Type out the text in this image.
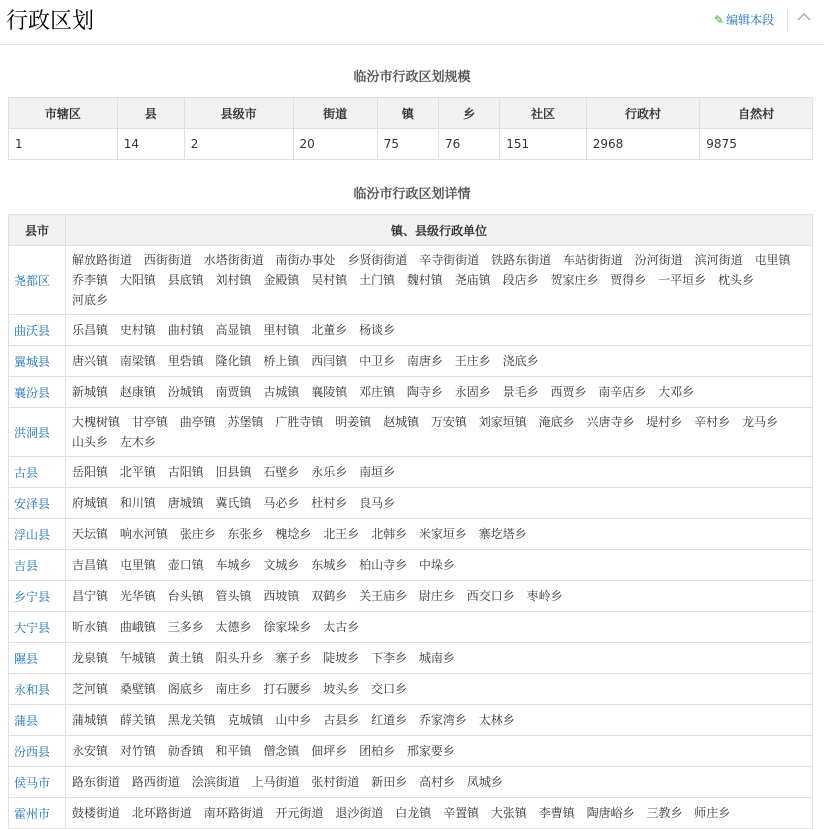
行政区划	✎ 编辑本段
临汾市行政区划规模
市辖区	县	县级市	街道	镇	乡	社区	行政村	自然村
1	14	2	20	75	76	151	2968	9875
临汾市行政区划详情
县市	镇、县级行政单位
尧都区	解放路街道 西街街道 水塔街街道 南街办事处 乡贤街街道 辛寺街街道 铁路东街道 车站街街道 汾河街道 滨河街道 屯里镇 乔李镇 大阳镇 县底镇 刘村镇 金殿镇 吴村镇 土门镇 魏村镇 尧庙镇 段店乡 贺家庄乡 贾得乡 一平垣乡 枕头乡 河底乡
曲沃县	乐昌镇 史村镇 曲村镇 高显镇 里村镇 北董乡 杨谈乡
翼城县	唐兴镇 南梁镇 里砦镇 隆化镇 桥上镇 西闫镇 中卫乡 南唐乡 王庄乡 浇底乡
襄汾县	新城镇 赵康镇 汾城镇 南贾镇 古城镇 襄陵镇 邓庄镇 陶寺乡 永固乡 景毛乡 西贾乡 南辛店乡 大邓乡
洪洞县	大槐树镇 甘亭镇 曲亭镇 苏堡镇 广胜寺镇 明姜镇 赵城镇 万安镇 刘家垣镇 淹底乡 兴唐寺乡 堤村乡 辛村乡 龙马乡 山头乡 左木乡
古县	岳阳镇 北平镇 古阳镇 旧县镇 石壁乡 永乐乡 南垣乡
安泽县	府城镇 和川镇 唐城镇 冀氏镇 马必乡 杜村乡 良马乡
浮山县	天坛镇 响水河镇 张庄乡 东张乡 槐埝乡 北王乡 北韩乡 米家垣乡 寨圪塔乡
吉县	吉昌镇 屯里镇 壶口镇 车城乡 文城乡 东城乡 柏山寺乡 中垛乡
乡宁县	昌宁镇 光华镇 台头镇 管头镇 西坡镇 双鹤乡 关王庙乡 尉庄乡 西交口乡 枣岭乡
大宁县	昕水镇 曲峨镇 三多乡 太德乡 徐家垛乡 太古乡
隰县	龙泉镇 午城镇 黄土镇 阳头升乡 寨子乡 陡坡乡 下李乡 城南乡
永和县	芝河镇 桑壁镇 阁底乡 南庄乡 打石腰乡 坡头乡 交口乡
蒲县	蒲城镇 薛关镇 黑龙关镇 克城镇 山中乡 古县乡 红道乡 乔家湾乡 太林乡
汾西县	永安镇 对竹镇 勍香镇 和平镇 僧念镇 佃坪乡 团柏乡 邢家要乡
侯马市	路东街道 路西街道 浍滨街道 上马街道 张村街道 新田乡 高村乡 凤城乡
霍州市	鼓楼街道 北环路街道 南环路街道 开元街道 退沙街道 白龙镇 辛置镇 大张镇 李曹镇 陶唐峪乡 三教乡 师庄乡
